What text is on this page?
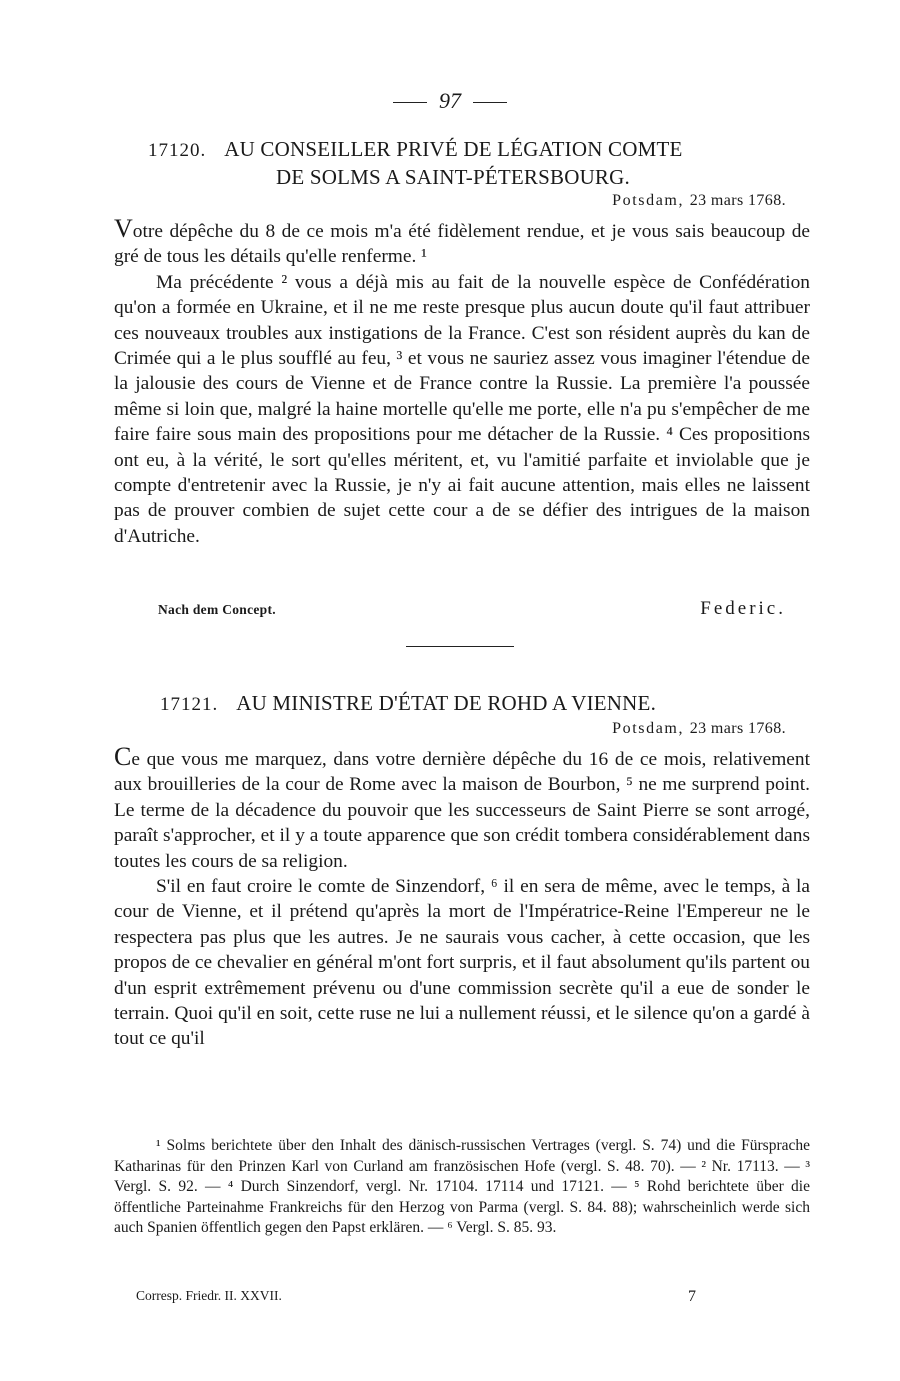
97
17120. AU CONSEILLER PRIVÉ DE LÉGATION COMTE
DE SOLMS A SAINT-PÉTERSBOURG.
Potsdam, 23 mars 1768.

Votre dépêche du 8 de ce mois m'a été fidèlement rendue, et je vous sais beaucoup de gré de tous les détails qu'elle renferme. ¹

Ma précédente ² vous a déjà mis au fait de la nouvelle espèce de Confédération qu'on a formée en Ukraine, et il ne me reste presque plus aucun doute qu'il faut attribuer ces nouveaux troubles aux instigations de la France. C'est son résident auprès du kan de Crimée qui a le plus soufflé au feu, ³ et vous ne sauriez assez vous imaginer l'étendue de la jalousie des cours de Vienne et de France contre la Russie. La première l'a poussée même si loin que, malgré la haine mortelle qu'elle me porte, elle n'a pu s'empêcher de me faire faire sous main des propositions pour me détacher de la Russie. ⁴ Ces propositions ont eu, à la vérité, le sort qu'elles méritent, et, vu l'amitié parfaite et inviolable que je compte d'entretenir avec la Russie, je n'y ai fait aucune attention, mais elles ne laissent pas de prouver combien de sujet cette cour a de se défier des intrigues de la maison d'Autriche.

Nach dem Concept.	Federic.
17121. AU MINISTRE D'ÉTAT DE ROHD A VIENNE.
Potsdam, 23 mars 1768.

Ce que vous me marquez, dans votre dernière dépêche du 16 de ce mois, relativement aux brouilleries de la cour de Rome avec la maison de Bourbon, ⁵ ne me surprend point. Le terme de la décadence du pouvoir que les successeurs de Saint Pierre se sont arrogé, paraît s'approcher, et il y a toute apparence que son crédit tombera considérablement dans toutes les cours de sa religion.

S'il en faut croire le comte de Sinzendorf, ⁶ il en sera de même, avec le temps, à la cour de Vienne, et il prétend qu'après la mort de l'Impératrice-Reine l'Empereur ne le respectera pas plus que les autres. Je ne saurais vous cacher, à cette occasion, que les propos de ce chevalier en général m'ont fort surpris, et il faut absolument qu'ils partent ou d'un esprit extrêmement prévenu ou d'une commission secrète qu'il a eue de sonder le terrain. Quoi qu'il en soit, cette ruse ne lui a nullement réussi, et le silence qu'on a gardé à tout ce qu'il

¹ Solms berichtete über den Inhalt des dänisch-russischen Vertrages (vergl. S. 74) und die Fürsprache Katharinas für den Prinzen Karl von Curland am französischen Hofe (vergl. S. 48. 70). — ² Nr. 17113. — ³ Vergl. S. 92. — ⁴ Durch Sinzendorf, vergl. Nr. 17104. 17114 und 17121. — ⁵ Rohd berichtete über die öffentliche Parteinahme Frankreichs für den Herzog von Parma (vergl. S. 84. 88); wahrscheinlich werde sich auch Spanien öffentlich gegen den Papst erklären. — ⁶ Vergl. S. 85. 93.

Corresp. Friedr. II. XXVII.	7
